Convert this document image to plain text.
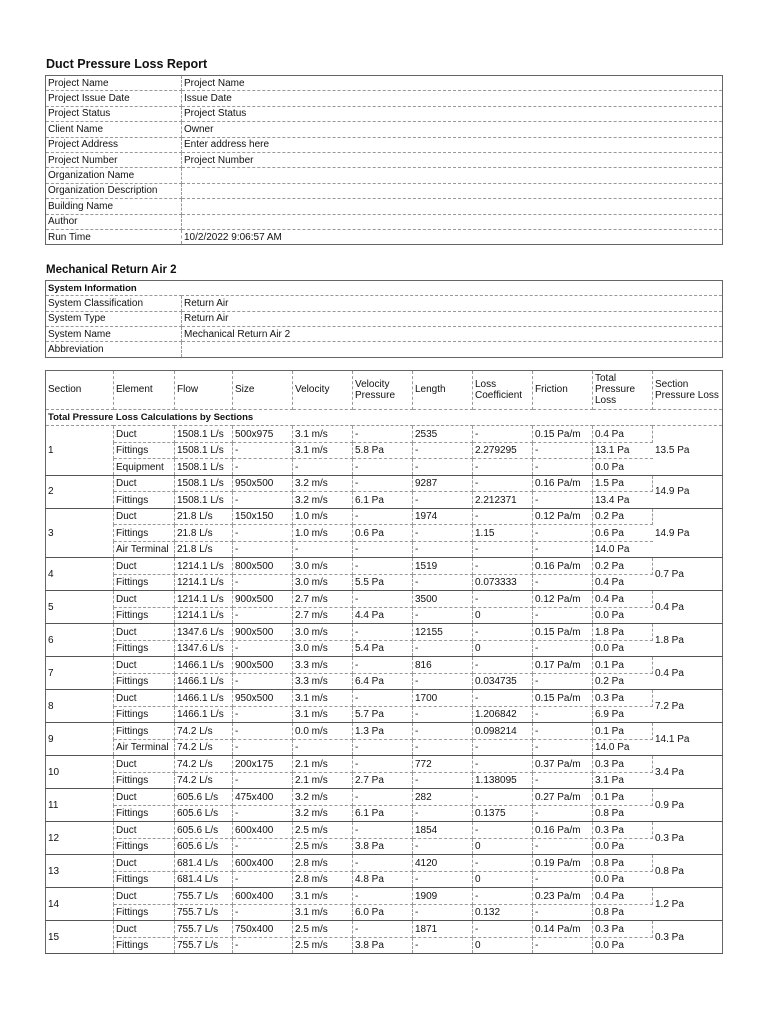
Duct Pressure Loss Report
Project Name	Project Name
Project Issue Date	Issue Date
Project Status	Project Status
Client Name	Owner
Project Address	Enter address here
Project Number	Project Number
Organization Name	
Organization Description	
Building Name	
Author	
Run Time	10/2/2022 9:06:57 AM
Mechanical Return Air 2
System Information	
System Classification	Return Air
System Type	Return Air
System Name	Mechanical Return Air 2
Abbreviation	
Total Pressure Loss Calculations by Sections										
Section	Element	Flow	Size	Velocity	Velocity Pressure	Length	Loss Coefficient	Friction	Total Pressure Loss	Section Pressure Loss
1	Duct	1508.1 L/s	500x975	3.1 m/s	-	2535	-	0.15 Pa/m	0.4 Pa	13.5 Pa
	Fittings	1508.1 L/s	-	3.1 m/s	5.8 Pa	-	2.279295	-	13.1 Pa	
	Equipment	1508.1 L/s	-	-	-	-	-	-	0.0 Pa	
2	Duct	1508.1 L/s	950x500	3.2 m/s	-	9287	-	0.16 Pa/m	1.5 Pa	14.9 Pa
	Fittings	1508.1 L/s	-	3.2 m/s	6.1 Pa	-	2.212371	-	13.4 Pa	
3	Duct	21.8 L/s	150x150	1.0 m/s	-	1974	-	0.12 Pa/m	0.2 Pa	14.9 Pa
	Fittings	21.8 L/s	-	1.0 m/s	0.6 Pa	-	1.15	-	0.6 Pa	
	Air Terminal	21.8 L/s	-	-	-	-	-	-	14.0 Pa	
4	Duct	1214.1 L/s	800x500	3.0 m/s	-	1519	-	0.16 Pa/m	0.2 Pa	0.7 Pa
	Fittings	1214.1 L/s	-	3.0 m/s	5.5 Pa	-	0.073333	-	0.4 Pa	
5	Duct	1214.1 L/s	900x500	2.7 m/s	-	3500	-	0.12 Pa/m	0.4 Pa	0.4 Pa
	Fittings	1214.1 L/s	-	2.7 m/s	4.4 Pa	-	0	-	0.0 Pa	
6	Duct	1347.6 L/s	900x500	3.0 m/s	-	12155	-	0.15 Pa/m	1.8 Pa	1.8 Pa
	Fittings	1347.6 L/s	-	3.0 m/s	5.4 Pa	-	0	-	0.0 Pa	
7	Duct	1466.1 L/s	900x500	3.3 m/s	-	816	-	0.17 Pa/m	0.1 Pa	0.4 Pa
	Fittings	1466.1 L/s	-	3.3 m/s	6.4 Pa	-	0.034735	-	0.2 Pa	
8	Duct	1466.1 L/s	950x500	3.1 m/s	-	1700	-	0.15 Pa/m	0.3 Pa	7.2 Pa
	Fittings	1466.1 L/s	-	3.1 m/s	5.7 Pa	-	1.206842	-	6.9 Pa	
9	Fittings	74.2 L/s	-	0.0 m/s	1.3 Pa	-	0.098214	-	0.1 Pa	14.1 Pa
	Air Terminal	74.2 L/s	-	-	-	-	-	-	14.0 Pa	
10	Duct	74.2 L/s	200x175	2.1 m/s	-	772	-	0.37 Pa/m	0.3 Pa	3.4 Pa
	Fittings	74.2 L/s	-	2.1 m/s	2.7 Pa	-	1.138095	-	3.1 Pa	
11	Duct	605.6 L/s	475x400	3.2 m/s	-	282	-	0.27 Pa/m	0.1 Pa	0.9 Pa
	Fittings	605.6 L/s	-	3.2 m/s	6.1 Pa	-	0.1375	-	0.8 Pa	
12	Duct	605.6 L/s	600x400	2.5 m/s	-	1854	-	0.16 Pa/m	0.3 Pa	0.3 Pa
	Fittings	605.6 L/s	-	2.5 m/s	3.8 Pa	-	0	-	0.0 Pa	
13	Duct	681.4 L/s	600x400	2.8 m/s	-	4120	-	0.19 Pa/m	0.8 Pa	0.8 Pa
	Fittings	681.4 L/s	-	2.8 m/s	4.8 Pa	-	0	-	0.0 Pa	
14	Duct	755.7 L/s	600x400	3.1 m/s	-	1909	-	0.23 Pa/m	0.4 Pa	1.2 Pa
	Fittings	755.7 L/s	-	3.1 m/s	6.0 Pa	-	0.132	-	0.8 Pa	
15	Duct	755.7 L/s	750x400	2.5 m/s	-	1871	-	0.14 Pa/m	0.3 Pa	0.3 Pa
	Fittings	755.7 L/s	-	2.5 m/s	3.8 Pa	-	0	-	0.0 Pa	
